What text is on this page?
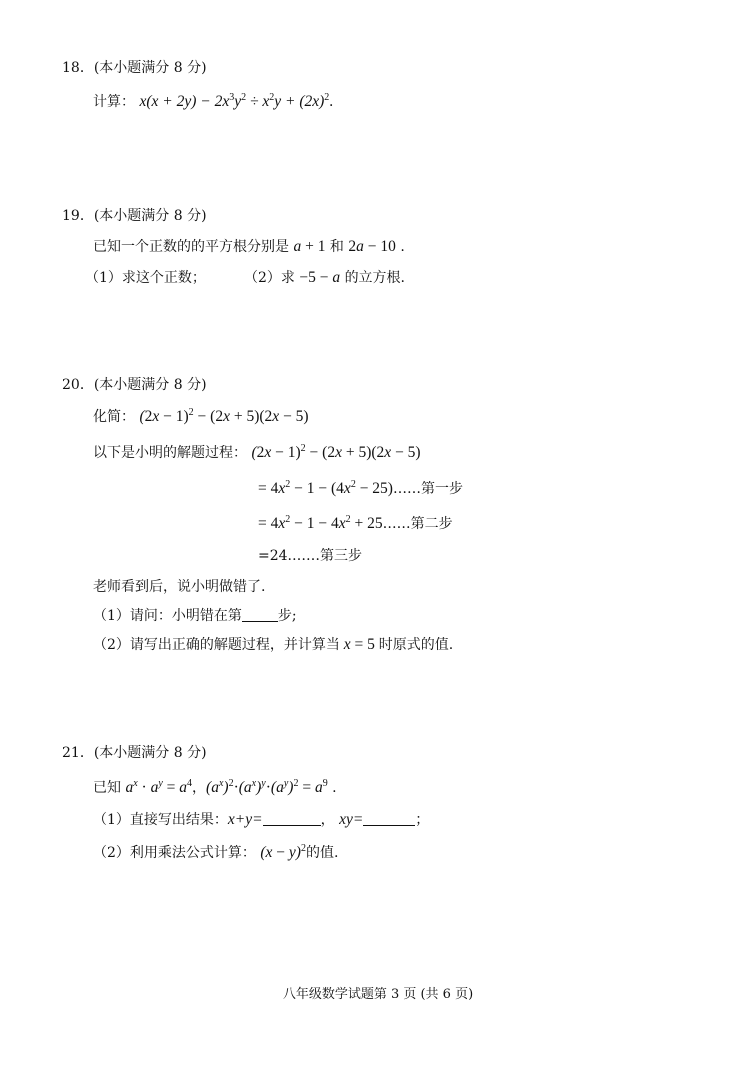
18．(本小题满分 8 分)
计算： $x(x + 2y) - 2x^3y^2 \div x^2y + (2x)^2$.
19．(本小题满分 8 分)
已知一个正数的的平方根分别是 a + 1 和 2a − 10 .
（1）求这个正数；	（2）求 −5 − a 的立方根.
20．(本小题满分 8 分)
化简： $(2x - 1)^2 - (2x + 5)(2x - 5)$
以下是小明的解题过程： $(2x - 1)^2 - (2x + 5)(2x - 5)$
= $4x^2 - 1 - (4x^2$ − 25)……第一步
= $4x^2 - 1 - 4x^2$ + 25……第二步
=24.……第三步
老师看到后，说小明做错了.
（1）请问：小明错在第	步;
（2）请写出正确的解题过程，并计算当 x = 5 时原式的值.
21．(本小题满分 8 分)
已知 $a^x \cdot a^y = a^4$，$(a^x)^2\cdot(a^x)^y\cdot(a^y)^2 = a^9$ .
（1）直接写出结果：x+y=	， xy=	；
（2）利用乘法公式计算： $(x - y)^2$的值.
八年级数学试题第 3 页 (共 6 页)
